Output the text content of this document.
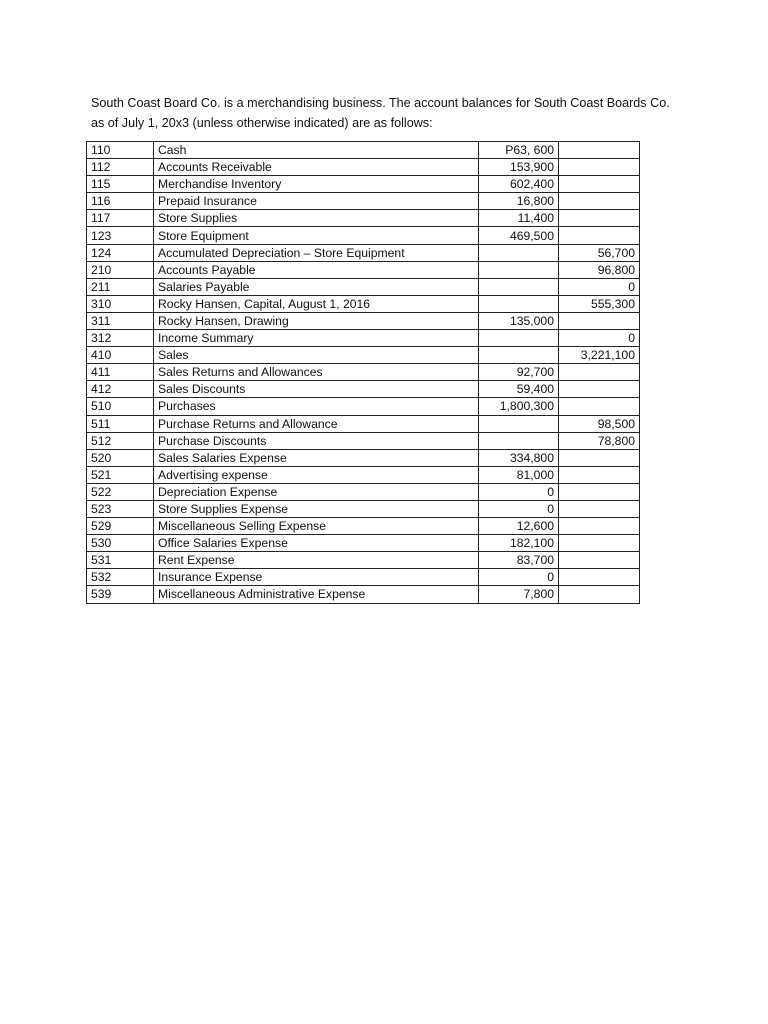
South Coast Board Co. is a merchandising business. The account balances for South Coast Boards Co. as of July 1, 20x3 (unless otherwise indicated) are as follows:

110	Cash	P63, 600	
112	Accounts Receivable	153,900	
115	Merchandise Inventory	602,400	
116	Prepaid Insurance	16,800	
117	Store Supplies	11,400	
123	Store Equipment	469,500	
124	Accumulated Depreciation – Store Equipment		56,700
210	Accounts Payable		96,800
211	Salaries Payable		0
310	Rocky Hansen, Capital, August 1, 2016		555,300
311	Rocky Hansen, Drawing	135,000	
312	Income Summary		0
410	Sales		3,221,100
411	Sales Returns and Allowances	92,700	
412	Sales Discounts	59,400	
510	Purchases	1,800,300	
511	Purchase Returns and Allowance		98,500
512	Purchase Discounts		78,800
520	Sales Salaries Expense	334,800	
521	Advertising expense	81,000	
522	Depreciation Expense	0	
523	Store Supplies Expense	0	
529	Miscellaneous Selling Expense	12,600	
530	Office Salaries Expense	182,100	
531	Rent Expense	83,700	
532	Insurance Expense	0	
539	Miscellaneous Administrative Expense	7,800	
